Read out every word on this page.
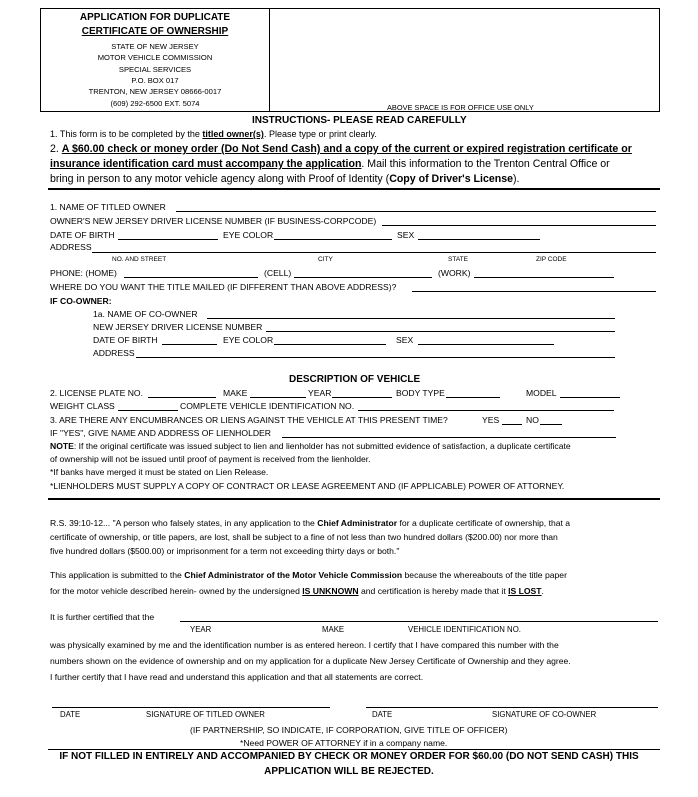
APPLICATION FOR DUPLICATE
CERTIFICATE OF OWNERSHIP
STATE OF NEW JERSEY
MOTOR VEHICLE COMMISSION
SPECIAL SERVICES
P.O. BOX 017
TRENTON, NEW JERSEY 08666-0017
(609) 292-6500 EXT. 5074	ABOVE SPACE IS FOR OFFICE USE ONLY
INSTRUCTIONS- PLEASE READ CAREFULLY
1. This form is to be completed by the titled owner(s). Please type or print clearly.
2. A $60.00 check or money order (Do Not Send Cash) and a copy of the current or expired registration certificate or
insurance identification card must accompany the application. Mail this information to the Trenton Central Office or
bring in person to any motor vehicle agency along with Proof of Identity (Copy of Driver's License).
1. NAME OF TITLED OWNER
OWNER'S NEW JERSEY DRIVER LICENSE NUMBER (IF BUSINESS-CORPCODE)
DATE OF BIRTH	EYE COLOR	SEX
ADDRESS
NO. AND STREET	CITY	STATE	ZIP CODE
PHONE: (HOME)	(CELL)	(WORK)
WHERE DO YOU WANT THE TITLE MAILED (IF DIFFERENT THAN ABOVE ADDRESS)?
IF CO-OWNER:
1a. NAME OF CO-OWNER
NEW JERSEY DRIVER LICENSE NUMBER
DATE OF BIRTH	EYE COLOR	SEX
ADDRESS
DESCRIPTION OF VEHICLE
2. LICENSE PLATE NO.	MAKE	YEAR	BODY TYPE	MODEL
WEIGHT CLASS	COMPLETE VEHICLE IDENTIFICATION NO.
3. ARE THERE ANY ENCUMBRANCES OR LIENS AGAINST THE VEHICLE AT THIS PRESENT TIME?	YES	NO
IF "YES", GIVE NAME AND ADDRESS OF LIENHOLDER
NOTE: If the original certificate was issued subject to lien and lienholder has not submitted evidence of satisfaction, a duplicate certificate
of ownership will not be issued until proof of payment is received from the lienholder.
*If banks have merged it must be stated on Lien Release.
*LIENHOLDERS MUST SUPPLY A COPY OF CONTRACT OR LEASE AGREEMENT AND (IF APPLICABLE) POWER OF ATTORNEY.
R.S. 39:10-12... "A person who falsely states, in any application to the Chief Administrator for a duplicate certificate of ownership, that a
certificate of ownership, or title papers, are lost, shall be subject to a fine of not less than two hundred dollars ($200.00) nor more than
five hundred dollars ($500.00) or imprisonment for a term not exceeding thirty days or both."
This application is submitted to the Chief Administrator of the Motor Vehicle Commission because the whereabouts of the title paper
for the motor vehicle described herein- owned by the undersigned IS UNKNOWN and certification is hereby made that it IS LOST.
It is further certified that the
YEAR	MAKE	VEHICLE IDENTIFICATION NO.
was physically examined by me and the identification number is as entered hereon. I certify that I have compared this number with the
numbers shown on the evidence of ownership and on my application for a duplicate New Jersey Certificate of Ownership and they agree.
I further certify that I have read and understand this application and that all statements are correct.
DATE	SIGNATURE OF TITLED OWNER	DATE	SIGNATURE OF CO-OWNER
(IF PARTNERSHIP, SO INDICATE, IF CORPORATION, GIVE TITLE OF OFFICER)
*Need POWER OF ATTORNEY if in a company name.
IF NOT FILLED IN ENTIRELY AND ACCOMPANIED BY CHECK OR MONEY ORDER FOR $60.00 (DO NOT SEND CASH) THIS
APPLICATION WILL BE REJECTED.
